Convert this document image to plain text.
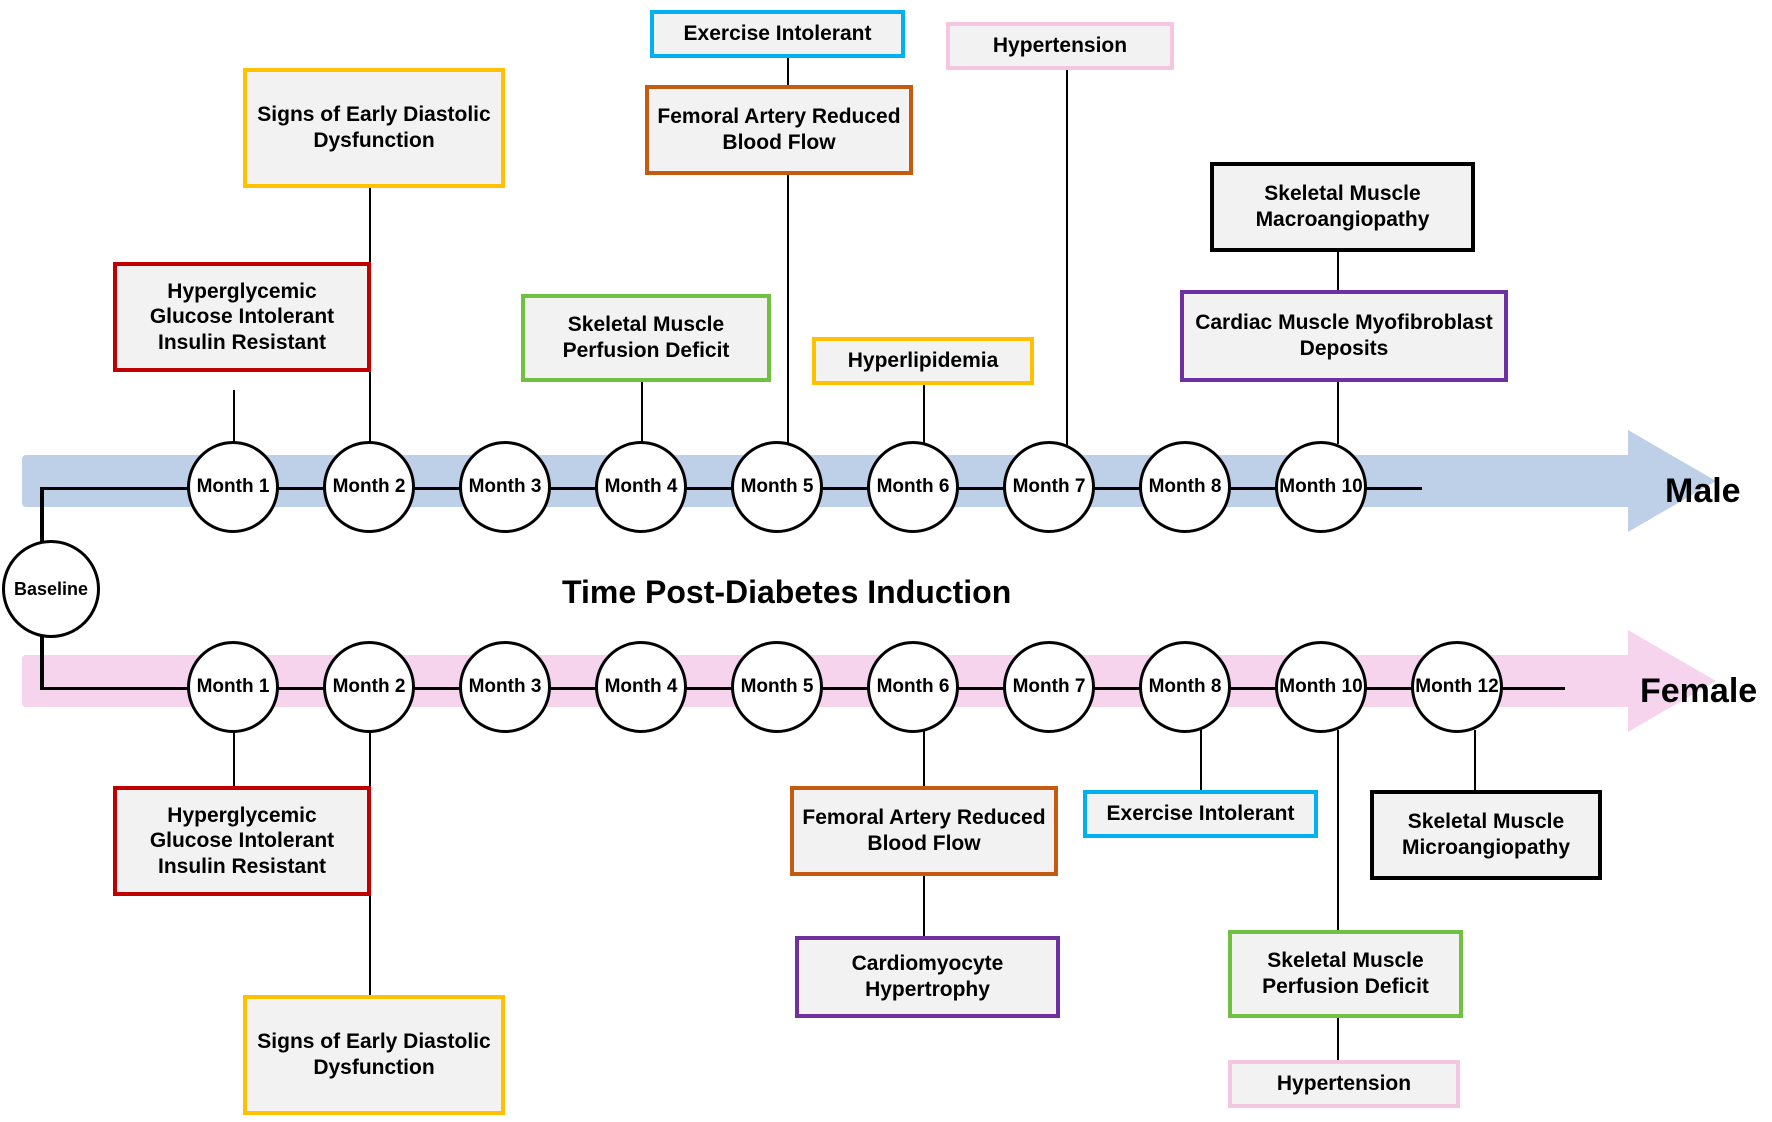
Baseline
Month 1	Month 2	Month 3	Month 4	Month 5	Month 6	Month 7	Month 8	Month 10
Month 1	Month 2	Month 3	Month 4	Month 5	Month 6	Month 7	Month 8	Month 10	Month 12
Hyperglycemic Glucose Intolerant Insulin Resistant
Signs of Early Diastolic Dysfunction
Skeletal Muscle Perfusion Deficit
Exercise Intolerant
Femoral Artery Reduced Blood Flow
Hyperlipidemia
Hypertension
Skeletal Muscle Macroangiopathy
Cardiac Muscle Myofibroblast Deposits
Hyperglycemic Glucose Intolerant Insulin Resistant
Signs of Early Diastolic Dysfunction
Femoral Artery Reduced Blood Flow
Cardiomyocyte Hypertrophy
Exercise Intolerant	Skeletal Muscle Microangiopathy
Skeletal Muscle Perfusion Deficit
Hypertension
Time Post-Diabetes Induction
Male
Female
